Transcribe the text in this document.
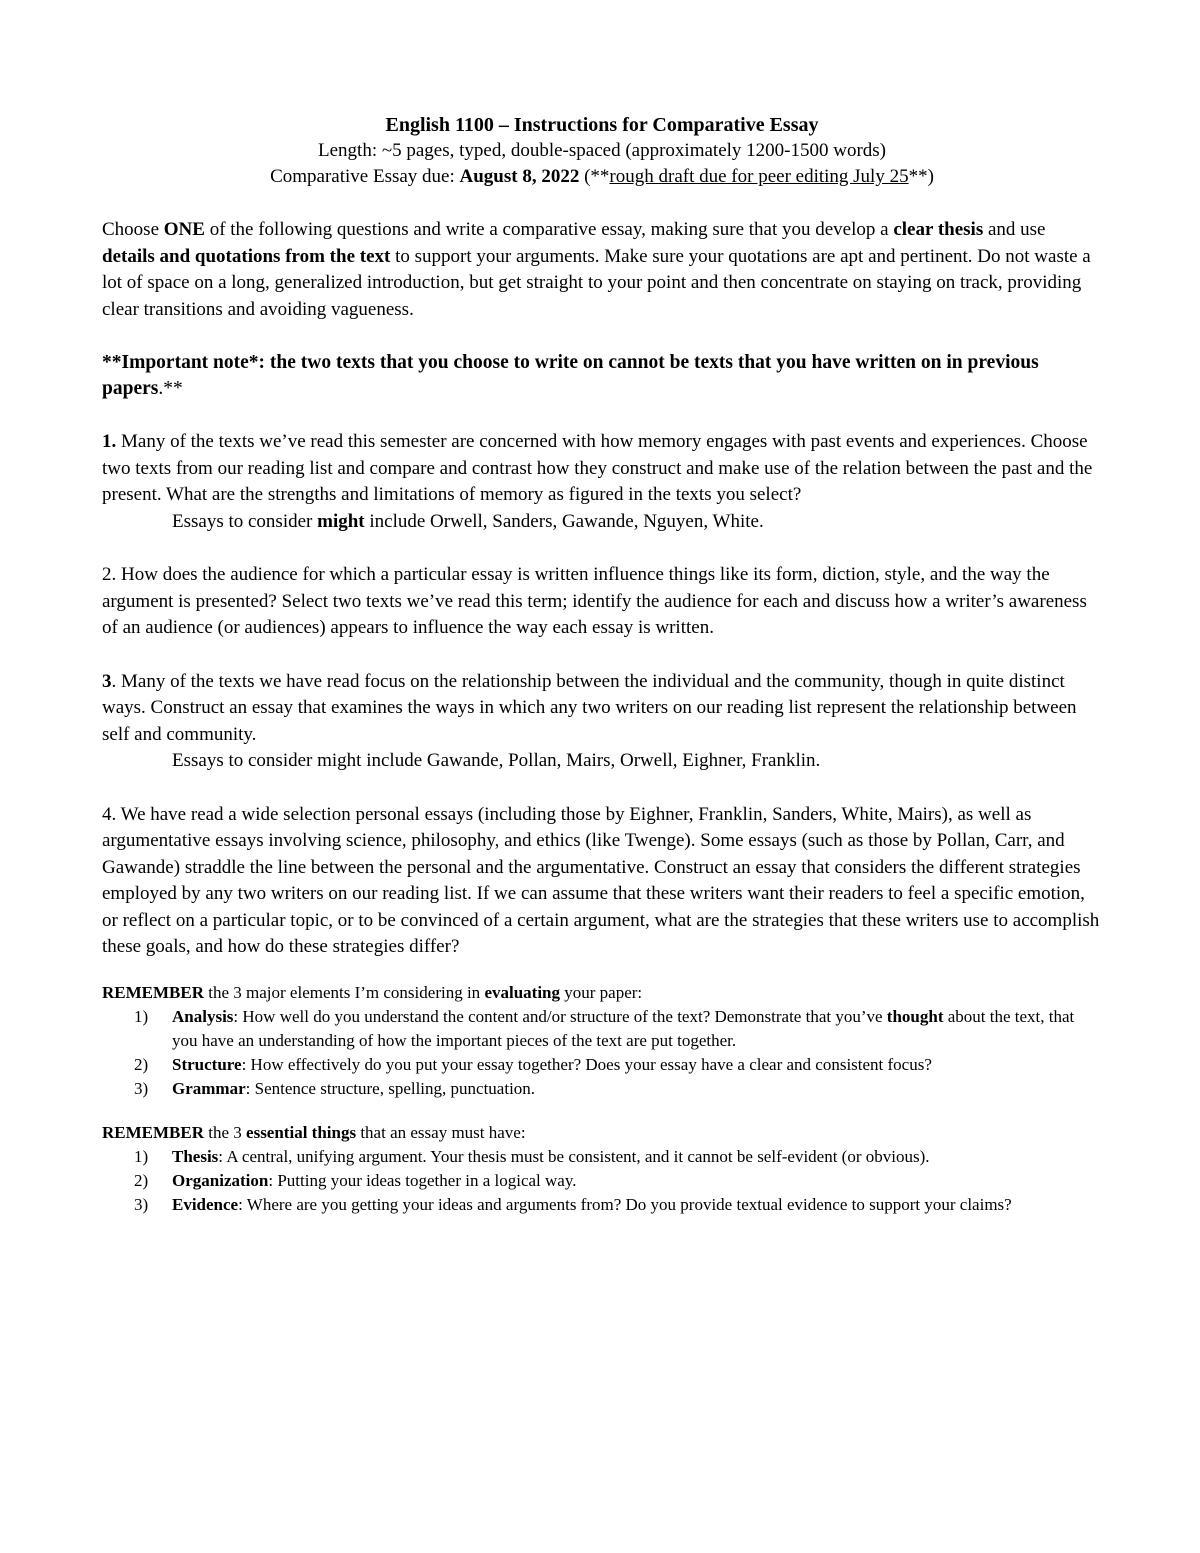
English 1100 – Instructions for Comparative Essay
Length: ~5 pages, typed, double-spaced (approximately 1200-1500 words)
Comparative Essay due: August 8, 2022 (**rough draft due for peer editing July 25**)

Choose ONE of the following questions and write a comparative essay, making sure that you develop a clear thesis and use details and quotations from the text to support your arguments. Make sure your quotations are apt and pertinent. Do not waste a lot of space on a long, generalized introduction, but get straight to your point and then concentrate on staying on track, providing clear transitions and avoiding vagueness.

**Important note*: the two texts that you choose to write on cannot be texts that you have written on in previous papers.**

1. Many of the texts we’ve read this semester are concerned with how memory engages with past events and experiences. Choose two texts from our reading list and compare and contrast how they construct and make use of the relation between the past and the present. What are the strengths and limitations of memory as figured in the texts you select?

Essays to consider might include Orwell, Sanders, Gawande, Nguyen, White.

2. How does the audience for which a particular essay is written influence things like its form, diction, style, and the way the argument is presented? Select two texts we’ve read this term; identify the audience for each and discuss how a writer’s awareness of an audience (or audiences) appears to influence the way each essay is written.

3. Many of the texts we have read focus on the relationship between the individual and the community, though in quite distinct ways. Construct an essay that examines the ways in which any two writers on our reading list represent the relationship between self and community.

Essays to consider might include Gawande, Pollan, Mairs, Orwell, Eighner, Franklin.

4. We have read a wide selection personal essays (including those by Eighner, Franklin, Sanders, White, Mairs), as well as argumentative essays involving science, philosophy, and ethics (like Twenge). Some essays (such as those by Pollan, Carr, and Gawande) straddle the line between the personal and the argumentative. Construct an essay that considers the different strategies employed by any two writers on our reading list. If we can assume that these writers want their readers to feel a specific emotion, or reflect on a particular topic, or to be convinced of a certain argument, what are the strategies that these writers use to accomplish these goals, and how do these strategies differ?

REMEMBER the 3 major elements I’m considering in evaluating your paper:

1) Analysis: How well do you understand the content and/or structure of the text? Demonstrate that you’ve thought about the text, that you have an understanding of how the important pieces of the text are put together.
2) Structure: How effectively do you put your essay together? Does your essay have a clear and consistent focus?
3) Grammar: Sentence structure, spelling, punctuation.

REMEMBER the 3 essential things that an essay must have:

1) Thesis: A central, unifying argument. Your thesis must be consistent, and it cannot be self-evident (or obvious).
2) Organization: Putting your ideas together in a logical way.
3) Evidence: Where are you getting your ideas and arguments from? Do you provide textual evidence to support your claims?
